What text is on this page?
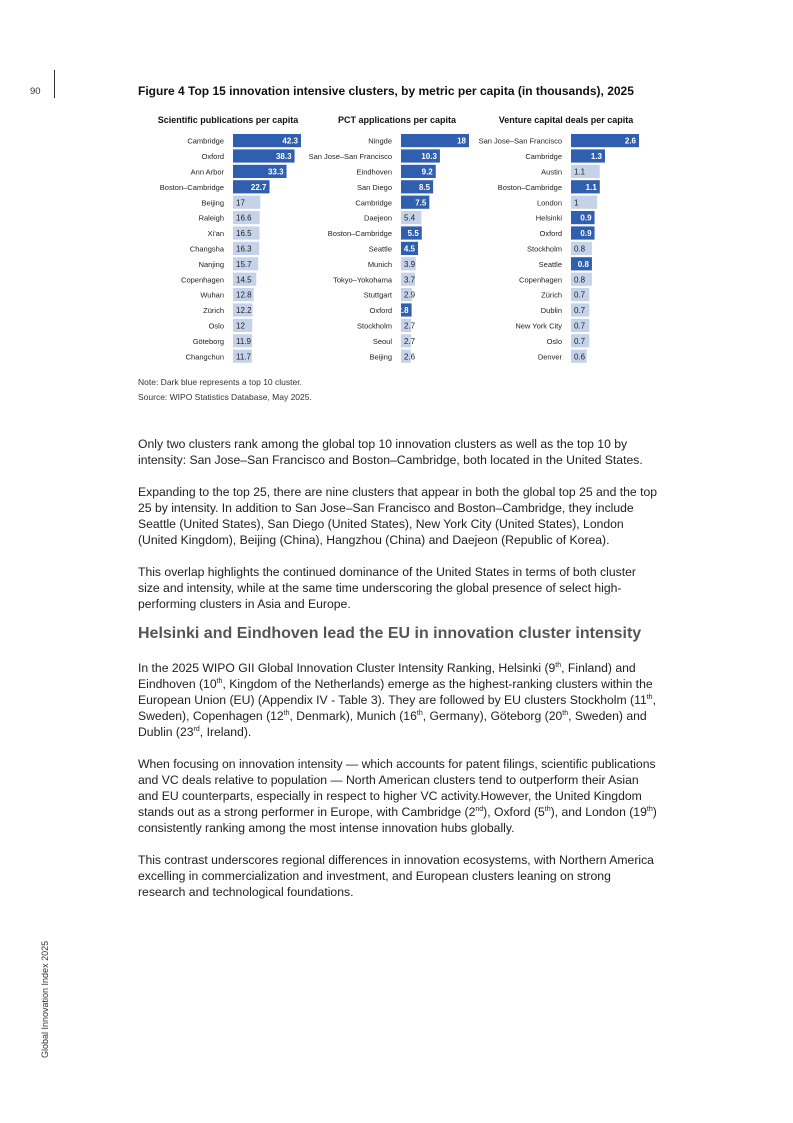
90
Global Innovation Index 2025
Figure 4 Top 15 innovation intensive clusters, by metric per capita (in thousands), 2025
Scientific publications per capita	PCT applications per capita	Venture capital deals per capita
Cambridge	42.3
Oxford	38.3
Ann Arbor	33.3
Boston–Cambridge	22.7
Beijing 17
Raleigh 16.6
Xi'an 16.5
Changsha 16.3
Nanjing 15.7
Copenhagen 14.5
Wuhan 12.8
Zürich 12.2
Oslo 12
Göteborg 11.9
Changchun 11.7
Ningde	18
San Jose–San Francisco	10.3
Eindhoven	9.2
San Diego	8.5
Cambridge	7.5
Daejeon 5.4
Boston–Cambridge 5.5
Seattle 4.5
Munich 3.9
Tokyo–Yokohama 3.7
Stuttgart 2.9
Oxford 2.8
Stockholm 2.7
Seoul 2.7
Beijing 2.6
San Jose–San Francisco	2.6
Cambridge	1.3
Austin 1.1
Boston–Cambridge	1.1
London 1
Helsinki 0.9
Oxford 0.9
Stockholm 0.8
Seattle 0.8
Copenhagen 0.8
Zürich 0.7
Dublin 0.7
New York City 0.7
Oslo 0.7
Denver 0.6
Note: Dark blue represents a top 10 cluster.
Source: WIPO Statistics Database, May 2025.

Only two clusters rank among the global top 10 innovation clusters as well as the top 10 by intensity: San Jose–San Francisco and Boston–Cambridge, both located in the United States.

Expanding to the top 25, there are nine clusters that appear in both the global top 25 and the top 25 by intensity. In addition to San Jose–San Francisco and Boston–Cambridge, they include Seattle (United States), San Diego (United States), New York City (United States), London (United Kingdom), Beijing (China), Hangzhou (China) and Daejeon (Republic of Korea).

This overlap highlights the continued dominance of the United States in terms of both cluster size and intensity, while at the same time underscoring the global presence of select high-performing clusters in Asia and Europe.

Helsinki and Eindhoven lead the EU in innovation cluster intensity

In the 2025 WIPO GII Global Innovation Cluster Intensity Ranking, Helsinki (9th, Finland) and Eindhoven (10th, Kingdom of the Netherlands) emerge as the highest-ranking clusters within the European Union (EU) (Appendix IV - Table 3). They are followed by EU clusters Stockholm (11th, Sweden), Copenhagen (12th, Denmark), Munich (16th, Germany), Göteborg (20th, Sweden) and Dublin (23rd, Ireland).

When focusing on innovation intensity — which accounts for patent filings, scientific publications and VC deals relative to population — North American clusters tend to outperform their Asian and EU counterparts, especially in respect to higher VC activity.However, the United Kingdom stands out as a strong performer in Europe, with Cambridge (2nd), Oxford (5th), and London (19th) consistently ranking among the most intense innovation hubs globally.

This contrast underscores regional differences in innovation ecosystems, with Northern America excelling in commercialization and investment, and European clusters leaning on strong research and technological foundations.
